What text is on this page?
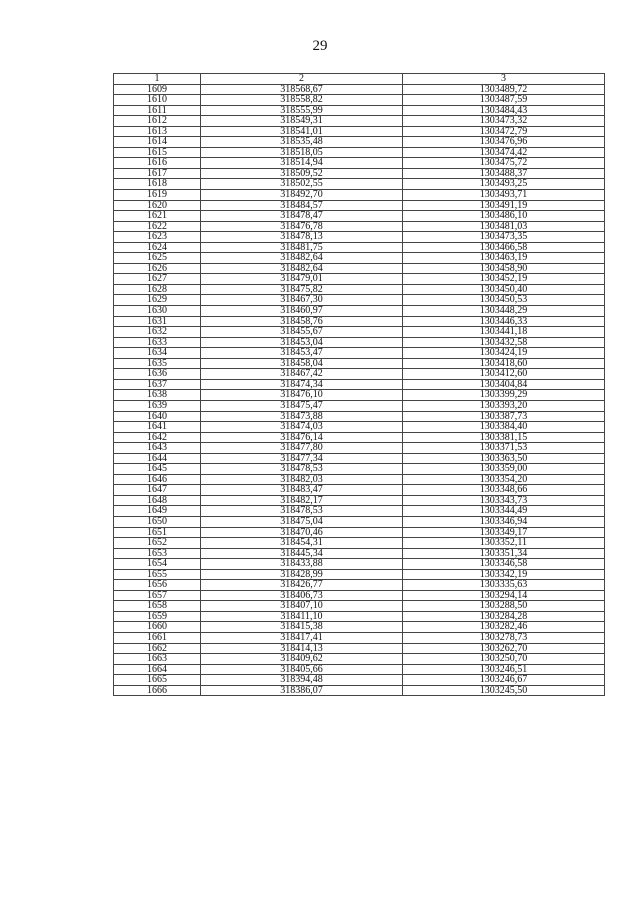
29
1	2	3
1609	318568,67	1303489,72
1610	318558,82	1303487,59
1611	318555,99	1303484,43
1612	318549,31	1303473,32
1613	318541,01	1303472,79
1614	318535,48	1303476,96
1615	318518,05	1303474,42
1616	318514,94	1303475,72
1617	318509,52	1303488,37
1618	318502,55	1303493,25
1619	318492,70	1303493,71
1620	318484,57	1303491,19
1621	318478,47	1303486,10
1622	318476,78	1303481,03
1623	318478,13	1303473,35
1624	318481,75	1303466,58
1625	318482,64	1303463,19
1626	318482,64	1303458,90
1627	318479,01	1303452,19
1628	318475,82	1303450,40
1629	318467,30	1303450,53
1630	318460,97	1303448,29
1631	318458,76	1303446,33
1632	318455,67	1303441,18
1633	318453,04	1303432,58
1634	318453,47	1303424,19
1635	318458,04	1303418,60
1636	318467,42	1303412,60
1637	318474,34	1303404,84
1638	318476,10	1303399,29
1639	318475,47	1303393,20
1640	318473,88	1303387,73
1641	318474,03	1303384,40
1642	318476,14	1303381,15
1643	318477,80	1303371,53
1644	318477,34	1303363,50
1645	318478,53	1303359,00
1646	318482,03	1303354,20
1647	318483,47	1303348,66
1648	318482,17	1303343,73
1649	318478,53	1303344,49
1650	318475,04	1303346,94
1651	318470,46	1303349,17
1652	318454,31	1303352,11
1653	318445,34	1303351,34
1654	318433,88	1303346,58
1655	318428,99	1303342,19
1656	318426,77	1303335,63
1657	318406,73	1303294,14
1658	318407,10	1303288,50
1659	318411,10	1303284,28
1660	318415,38	1303282,46
1661	318417,41	1303278,73
1662	318414,13	1303262,70
1663	318409,62	1303250,70
1664	318405,66	1303246,51
1665	318394,48	1303246,67
1666	318386,07	1303245,50
